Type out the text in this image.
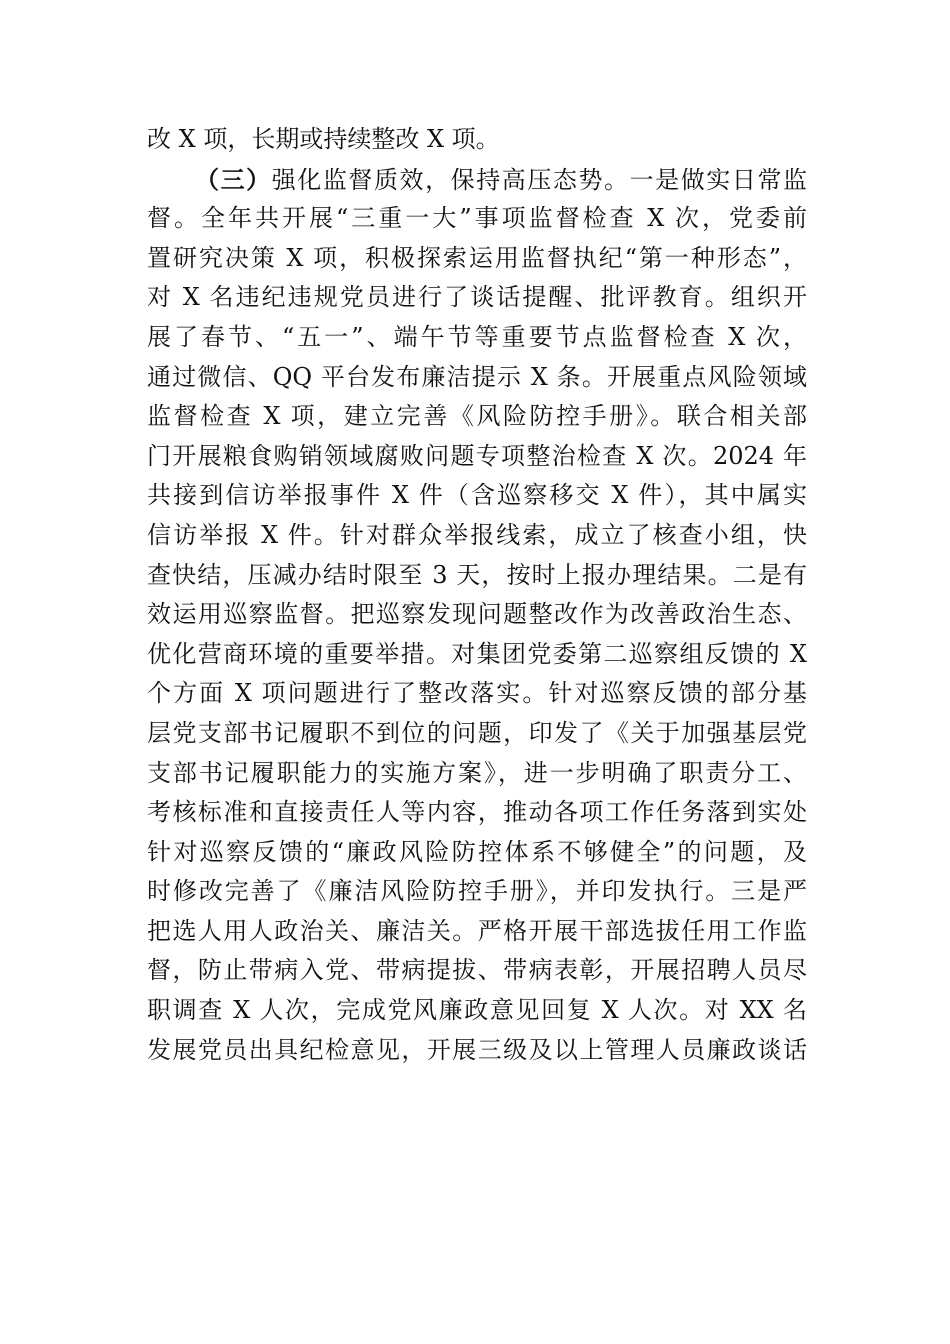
改 X 项，长期或持续整改 X 项。
（三）强化监督质效，保持高压态势。一是做实日常监
督。全年共开展“三重一大”事项监督检查 X 次，党委前
置研究决策 X 项，积极探索运用监督执纪“第一种形态”，
对 X 名违纪违规党员进行了谈话提醒、批评教育。组织开
展了春节、“五一”、端午节等重要节点监督检查 X 次，
通过微信、QQ 平台发布廉洁提示 X 条。开展重点风险领域
监督检查 X 项，建立完善《风险防控手册》。联合相关部
门开展粮食购销领域腐败问题专项整治检查 X 次。2024 年
共接到信访举报事件 X 件（含巡察移交 X 件），其中属实
信访举报 X 件。针对群众举报线索，成立了核查小组，快
查快结，压减办结时限至 3 天，按时上报办理结果。二是有
效运用巡察监督。把巡察发现问题整改作为改善政治生态、
优化营商环境的重要举措。对集团党委第二巡察组反馈的 X
个方面 X 项问题进行了整改落实。针对巡察反馈的部分基
层党支部书记履职不到位的问题，印发了《关于加强基层党
支部书记履职能力的实施方案》，进一步明确了职责分工、
考核标准和直接责任人等内容，推动各项工作任务落到实处
针对巡察反馈的“廉政风险防控体系不够健全”的问题，及
时修改完善了《廉洁风险防控手册》，并印发执行。三是严
把选人用人政治关、廉洁关。严格开展干部选拔任用工作监
督，防止带病入党、带病提拔、带病表彰，开展招聘人员尽
职调查 X 人次，完成党风廉政意见回复 X 人次。对 XX 名
发展党员出具纪检意见，开展三级及以上管理人员廉政谈话
